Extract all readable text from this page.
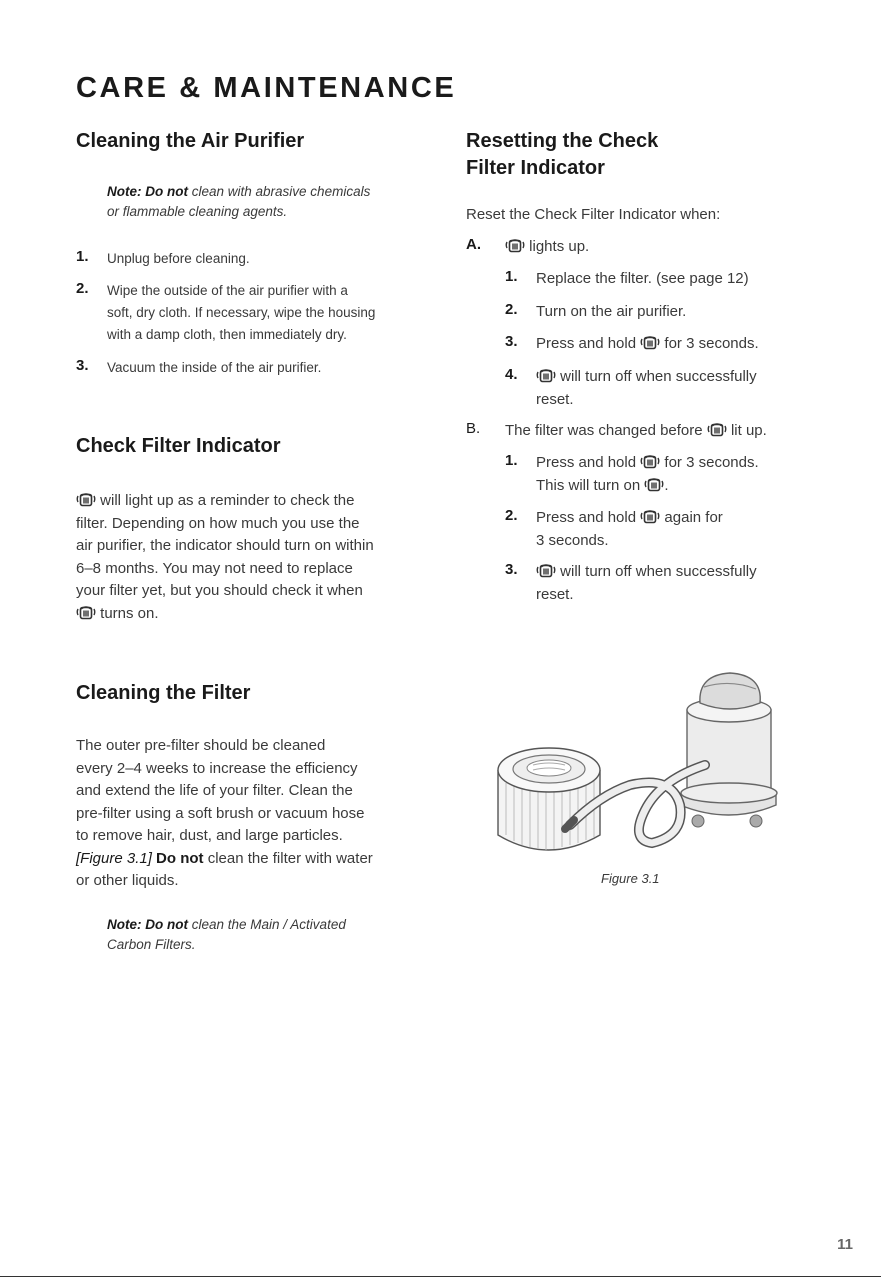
CARE & MAINTENANCE
Cleaning the Air Purifier
Note: Do not clean with abrasive chemicals
or flammable cleaning agents.
1. Unplug before cleaning.
2. Wipe the outside of the air purifier with a
soft, dry cloth. If necessary, wipe the housing
with a damp cloth, then immediately dry.
3. Vacuum the inside of the air purifier.
Check Filter Indicator
will light up as a reminder to check the
filter. Depending on how much you use the
air purifier, the indicator should turn on within
6–8 months. You may not need to replace
your filter yet, but you should check it when
turns on.
Cleaning the Filter
The outer pre-filter should be cleaned
every 2–4 weeks to increase the efficiency
and extend the life of your filter. Clean the
pre-filter using a soft brush or vacuum hose
to remove hair, dust, and large particles.
[Figure 3.1] Do not clean the filter with water
or other liquids.
Note: Do not clean the Main / Activated
Carbon Filters.
Resetting the Check
Filter Indicator
Reset the Check Filter Indicator when:
A.	lights up.
1. Replace the filter. (see page 12)
2. Turn on the air purifier.
3. Press and hold for 3 seconds.
4.	will turn off when successfully
reset.
B. The filter was changed before lit up.
1. Press and hold for 3 seconds.
This will turn on .
2. Press and hold again for
3 seconds.
3.	will turn off when successfully
reset.
Figure 3.1
11
